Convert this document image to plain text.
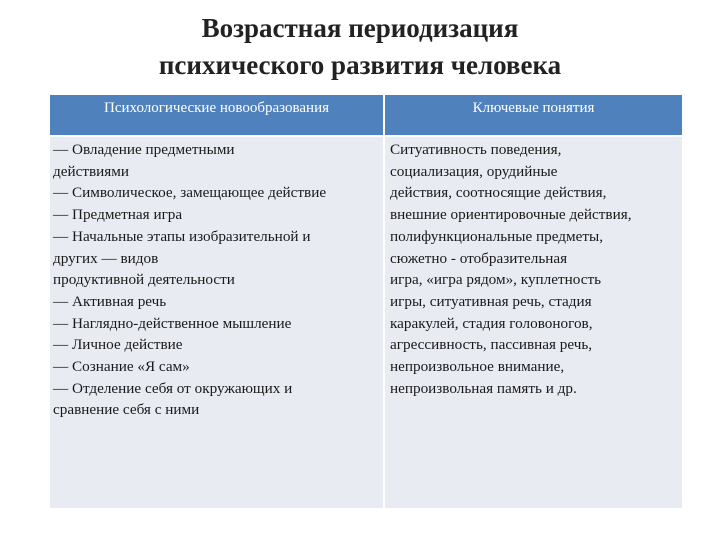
Возрастная периодизация
психического развития человека
Психологические новообразования	Ключевые понятия
— Овладение предметными
действиями
— Символическое, замещающее действие
— Предметная игра
— Начальные этапы изобразительной и
других — видов
продуктивной деятельности
— Активная речь
— Наглядно-действенное мышление
— Личное действие
— Сознание «Я сам»
— Отделение себя от окружающих и
сравнение себя с ними
Ситуативность поведения,
социализация, орудийные
действия, соотносящие действия,
внешние ориентировочные действия,
полифункциональные предметы,
сюжетно - отобразительная
игра, «игра рядом», куплетность
игры, ситуативная речь, стадия
каракулей, стадия головоногов,
агрессивность, пассивная речь,
непроизвольное внимание,
непроизвольная память и др.
